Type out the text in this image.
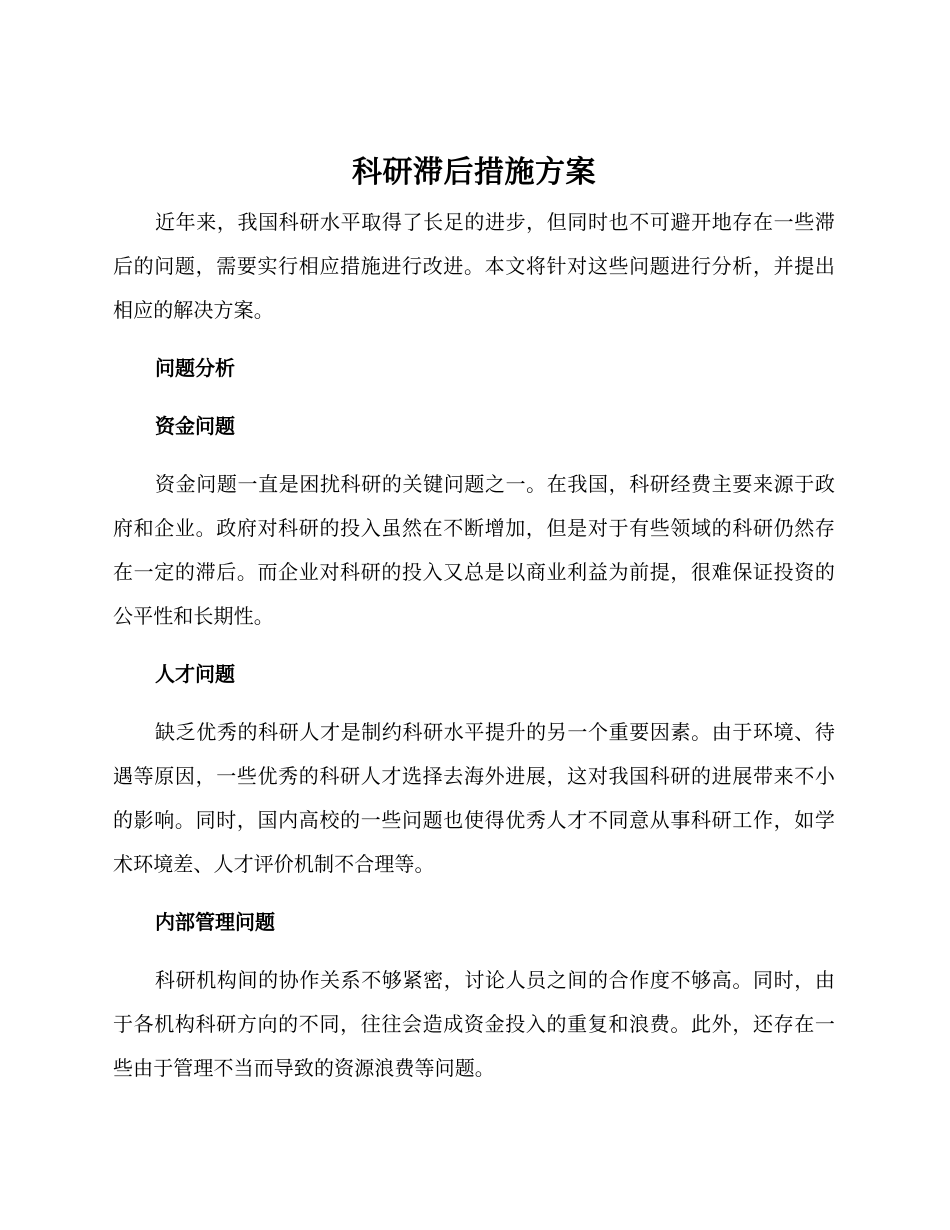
科研滞后措施方案

近年来，我国科研水平取得了长足的进步，但同时也不可避开地存在一些滞后的问题，需要实行相应措施进行改进。本文将针对这些问题进行分析，并提出相应的解决方案。

问题分析

资金问题

资金问题一直是困扰科研的关键问题之一。在我国，科研经费主要来源于政府和企业。政府对科研的投入虽然在不断增加，但是对于有些领域的科研仍然存在一定的滞后。而企业对科研的投入又总是以商业利益为前提，很难保证投资的公平性和长期性。

人才问题

缺乏优秀的科研人才是制约科研水平提升的另一个重要因素。由于环境、待遇等原因，一些优秀的科研人才选择去海外进展，这对我国科研的进展带来不小的影响。同时，国内高校的一些问题也使得优秀人才不同意从事科研工作，如学术环境差、人才评价机制不合理等。

内部管理问题

科研机构间的协作关系不够紧密，讨论人员之间的合作度不够高。同时，由于各机构科研方向的不同，往往会造成资金投入的重复和浪费。此外，还存在一些由于管理不当而导致的资源浪费等问题。
